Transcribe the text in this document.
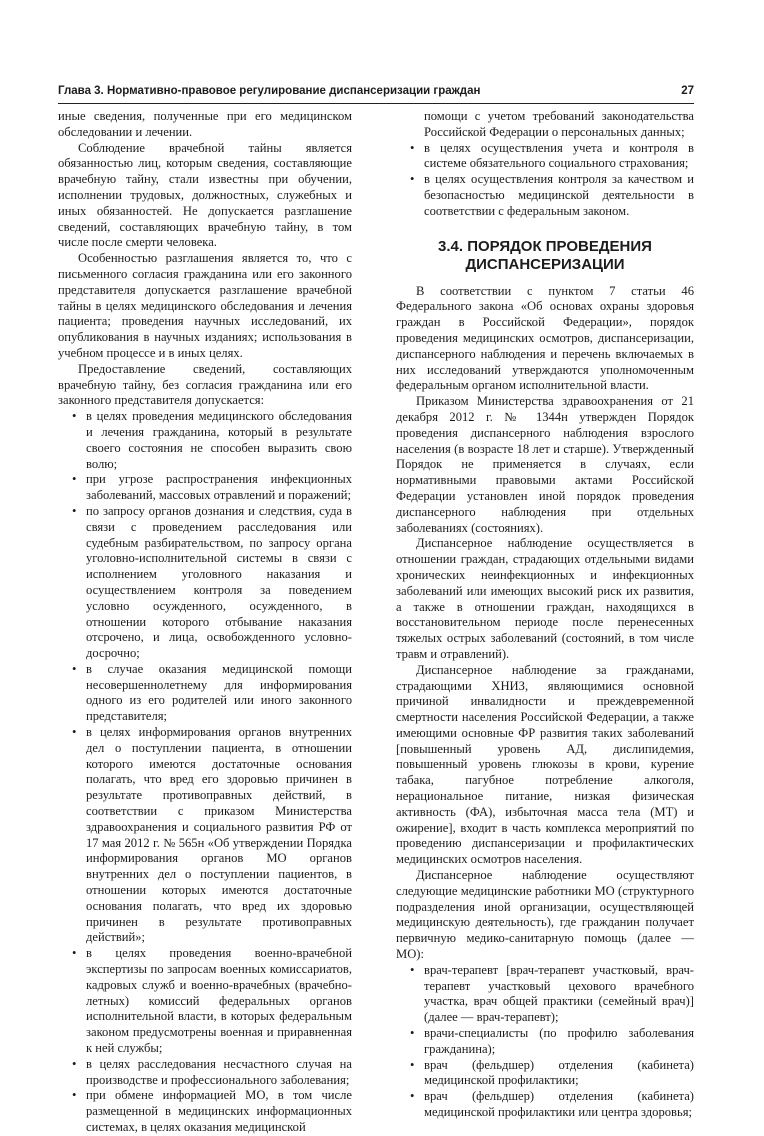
Глава 3. Нормативно-правовое регулирование диспансеризации граждан	27

иные сведения, полученные при его медицинском обследовании и лечении.

Соблюдение врачебной тайны является обязанностью лиц, которым сведения, составляющие врачебную тайну, стали известны при обучении, исполнении трудовых, должностных, служебных и иных обязанностей. Не допускается разглашение сведений, составляющих врачебную тайну, в том числе после смерти человека.

Особенностью разглашения является то, что с письменного согласия гражданина или его законного представителя допускается разглашение врачебной тайны в целях медицинского обследования и лечения пациента; проведения научных исследований, их опубликования в научных изданиях; использования в учебном процессе и в иных целях.

Предоставление сведений, составляющих врачебную тайну, без согласия гражданина или его законного представителя допускается:

• в целях проведения медицинского обследования и лечения гражданина, который в результате своего состояния не способен выразить свою волю;
• при угрозе распространения инфекционных заболеваний, массовых отравлений и поражений;
• по запросу органов дознания и следствия, суда в связи с проведением расследования или судебным разбирательством, по запросу органа уголовно-исполнительной системы в связи с исполнением уголовного наказания и осуществлением контроля за поведением условно осужденного, осужденного, в отношении которого отбывание наказания отсрочено, и лица, освобожденного условно-досрочно;
• в случае оказания медицинской помощи несовершеннолетнему для информирования одного из его родителей или иного законного представителя;
• в целях информирования органов внутренних дел о поступлении пациента, в отношении которого имеются достаточные основания полагать, что вред его здоровью причинен в результате противоправных действий, в соответствии с приказом Министерства здравоохранения и социального развития РФ от 17 мая 2012 г. № 565н «Об утверждении Порядка информирования органов МО органов внутренних дел о поступлении пациентов, в отношении которых имеются достаточные основания полагать, что вред их здоровью причинен в результате противоправных действий»;
• в целях проведения военно-врачебной экспертизы по запросам военных комиссариатов, кадровых служб и военно-врачебных (врачебно-летных) комиссий федеральных органов исполнительной власти, в которых федеральным законом предусмотрены военная и приравненная к ней службы;
• в целях расследования несчастного случая на производстве и профессионального заболевания;
• при обмене информацией МО, в том числе размещенной в медицинских информационных системах, в целях оказания медицинской

помощи с учетом требований законодательства Российской Федерации о персональных данных;

• в целях осуществления учета и контроля в системе обязательного социального страхования;
• в целях осуществления контроля за качеством и безопасностью медицинской деятельности в соответствии с федеральным законом.
3.4. ПОРЯДОК ПРОВЕДЕНИЯ
ДИСПАНСЕРИЗАЦИИ

В соответствии с пунктом 7 статьи 46 Федерального закона «Об основах охраны здоровья граждан в Российской Федерации», порядок проведения медицинских осмотров, диспансеризации, диспансерного наблюдения и перечень включаемых в них исследований утверждаются уполномоченным федеральным органом исполнительной власти.

Приказом Министерства здравоохранения от 21 декабря 2012 г. № 1344н утвержден Порядок проведения диспансерного наблюдения взрослого населения (в возрасте 18 лет и старше). Утвержденный Порядок не применяется в случаях, если нормативными правовыми актами Российской Федерации установлен иной порядок проведения диспансерного наблюдения при отдельных заболеваниях (состояниях).

Диспансерное наблюдение осуществляется в отношении граждан, страдающих отдельными видами хронических неинфекционных и инфекционных заболеваний или имеющих высокий риск их развития, а также в отношении граждан, находящихся в восстановительном периоде после перенесенных тяжелых острых заболеваний (состояний, в том числе травм и отравлений).

Диспансерное наблюдение за гражданами, страдающими ХНИЗ, являющимися основной причиной инвалидности и преждевременной смертности населения Российской Федерации, а также имеющими основные ФР развития таких заболеваний [повышенный уровень АД, дислипидемия, повышенный уровень глюкозы в крови, курение табака, пагубное потребление алкоголя, нерациональное питание, низкая физическая активность (ФА), избыточная масса тела (МТ) и ожирение], входит в часть комплекса мероприятий по проведению диспансеризации и профилактических медицинских осмотров населения.

Диспансерное наблюдение осуществляют следующие медицинские работники МО (структурного подразделения иной организации, осуществляющей медицинскую деятельность), где гражданин получает первичную медико-санитарную помощь (далее — МО):

• врач-терапевт [врач-терапевт участковый, врач-терапевт участковый цехового врачебного участка, врач общей практики (семейный врач)] (далее — врач-терапевт);
• врачи-специалисты (по профилю заболевания гражданина);
• врач (фельдшер) отделения (кабинета) медицинской профилактики;
• врач (фельдшер) отделения (кабинета) медицинской профилактики или центра здоровья;
